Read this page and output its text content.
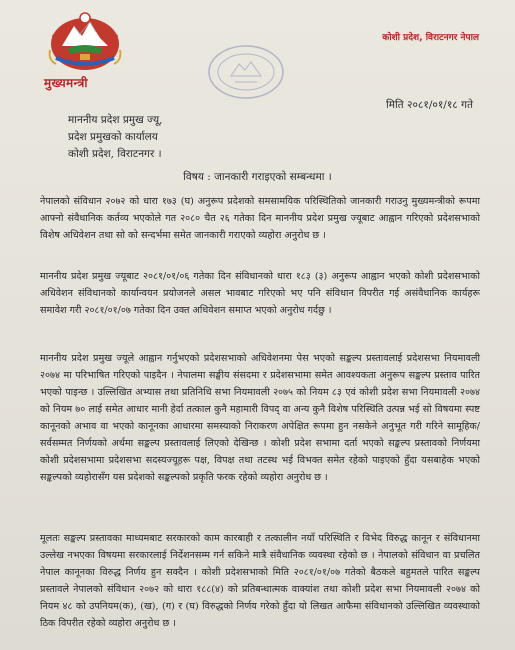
मुख्यमन्त्री
कोशी प्रदेश, विराटनगर नेपाल
मिति २०८१/०१/१८ गते
माननीय प्रदेश प्रमुख ज्यू,
प्रदेश प्रमुखको कार्यालय
कोशी प्रदेश, विराटनगर ।
विषय : जानकारी गराइएको सम्बन्धमा ।

नेपालको संविधान २०७२ को धारा १७३ (घ) अनुरूप प्रदेशको समसामयिक परिस्थितिको जानकारी गराउनु मुख्यमन्त्रीको रूपमा आफ्नो संवैधानिक कर्तव्य भएकोले गत २०८० चैत २६ गतेका दिन माननीय प्रदेश प्रमुख ज्यूबाट आह्वान गरिएको प्रदेशसभाको विशेष अधिवेशन तथा सो को सन्दर्भमा समेत जानकारी गराएको व्यहोरा अनुरोध छ ।

माननीय प्रदेश प्रमुख ज्यूबाट २०८१/०१/०६ गतेका दिन संविधानको धारा १८३ (३) अनुरूप आह्वान भएको कोशी प्रदेशसभाको अधिवेशन संविधानको कार्यान्वयन प्रयोजनले असल भावबाट गरिएको भए पनि संविधान विपरीत गई असंवैधानिक कार्यहरू समावेश गरी २०८१/०१/०७ गतेका दिन उक्त अधिवेशन समाप्त भएको अनुरोध गर्दछु ।

माननीय प्रदेश प्रमुख ज्यूले आह्वान गर्नुभएको प्रदेशसभाको अधिवेशनमा पेस भएको सङ्कल्प प्रस्तावलाई प्रदेशसभा नियमावली २०७४ मा परिभाषित गरिएको पाइदैन । नेपालमा सङ्घीय संसदमा र प्रदेशसभामा समेत आवश्यकता अनुरूप सङ्कल्प प्रस्ताव पारित भएको पाइन्छ । उल्लिखित अभ्यास तथा प्रतिनिधि सभा नियमावली २०७५ को नियम ८३ एवं कोशी प्रदेश सभा नियमावली २०७४ को नियम ७० लाई समेत आधार मानी हेर्दा तत्काल कुनै महामारी विपद् वा अन्य कुनै विशेष परिस्थिति उत्पन्न भई सो विषयमा स्पष्ट कानूनको अभाव वा भएको कानूनका आधारमा समस्याको निराकरण अपेक्षित रूपमा हुन नसकेने अनुभूत गरी गरिने सामूहिक/सर्वसम्मत निर्णयको अर्थमा सङ्कल्प प्रस्तावलाई लिएको देखिन्छ । कोशी प्रदेश सभामा दर्ता भएको सङ्कल्प प्रस्तावको निर्णयमा कोशी प्रदेशसभामा प्रदेशसभा सदस्यज्यूहरू पक्ष, विपक्ष तथा तटस्थ भई विभक्त समेत रहेको पाइएको हुँदा यसबाहेक भएको सङ्कल्पको व्यहोरासँग यस प्रदेशको सङ्कल्पको प्रकृति फरक रहेको व्यहोरा अनुरोध छ ।

मूलतः सङ्कल्प प्रस्तावका माध्यमबाट सरकारको काम कारबाही र तत्कालीन नयाँ परिस्थिति र विभेद विरुद्ध कानून र संविधानमा उल्लेख नभएका विषयमा सरकारलाई निर्देशनसम्म गर्न सकिने मात्रै संवैधानिक व्यवस्था रहेको छ । नेपालको संविधान वा प्रचलित नेपाल कानूनका विरुद्ध निर्णय हुन सक्दैन । कोशी प्रदेशसभाको मिति २०८१/०१/०७ गतेको बैठकले बहुमतले पारित सङ्कल्प प्रस्तावले नेपालको संविधान २०७२ को धारा १८८(४) को प्रतिबन्धात्मक वाक्यांश तथा कोशी प्रदेश सभा नियमावली २०७४ को नियम ४८ को उपनियम(क), (ख), (ग) र (घ) विरुद्धको निर्णय गरेको हुँदा यो लिखत आफैमा संविधानको उल्लिखित व्यवस्थाको ठिक विपरीत रहेको व्यहोरा अनुरोध छ ।
